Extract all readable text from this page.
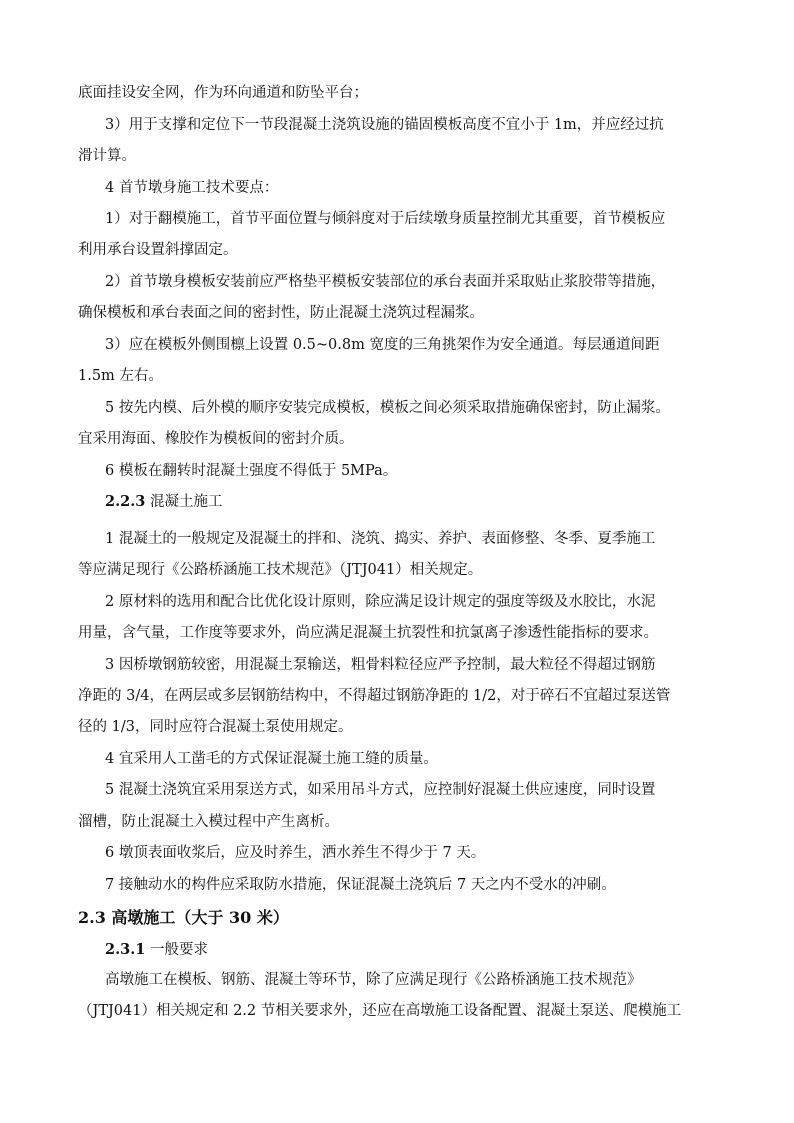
底面挂设安全网，作为环向通道和防坠平台；
3）用于支撑和定位下一节段混凝土浇筑设施的锚固模板高度不宜小于 1m，并应经过抗
滑计算。
4 首节墩身施工技术要点：
1）对于翻模施工，首节平面位置与倾斜度对于后续墩身质量控制尤其重要，首节模板应
利用承台设置斜撑固定。
2）首节墩身模板安装前应严格垫平模板安装部位的承台表面并采取贴止浆胶带等措施，
确保模板和承台表面之间的密封性，防止混凝土浇筑过程漏浆。
3）应在模板外侧围檩上设置 0.5~0.8m 宽度的三角挑架作为安全通道。每层通道间距
1.5m 左右。
5 按先内模、后外模的顺序安装完成模板，模板之间必须采取措施确保密封，防止漏浆。
宜采用海面、橡胶作为模板间的密封介质。
6 模板在翻转时混凝土强度不得低于 5MPa。
2.2.3 混凝土施工
1 混凝土的一般规定及混凝土的拌和、浇筑、捣实、养护、表面修整、冬季、夏季施工
等应满足现行《公路桥涵施工技术规范》（JTJ041）相关规定。
2 原材料的选用和配合比优化设计原则，除应满足设计规定的强度等级及水胶比，水泥
用量，含气量，工作度等要求外，尚应满足混凝土抗裂性和抗氯离子渗透性能指标的要求。
3 因桥墩钢筋较密，用混凝土泵输送，粗骨料粒径应严予控制，最大粒径不得超过钢筋
净距的 3/4，在两层或多层钢筋结构中，不得超过钢筋净距的 1/2，对于碎石不宜超过泵送管
径的 1/3，同时应符合混凝土泵使用规定。
4 宜采用人工凿毛的方式保证混凝土施工缝的质量。
5 混凝土浇筑宜采用泵送方式，如采用吊斗方式，应控制好混凝土供应速度，同时设置
溜槽，防止混凝土入模过程中产生离析。
6 墩顶表面收浆后，应及时养生，洒水养生不得少于 7 天。
7 接触动水的构件应采取防水措施，保证混凝土浇筑后 7 天之内不受水的冲刷。
2.3 高墩施工（大于 30 米）
2.3.1 一般要求
高墩施工在模板、钢筋、混凝土等环节，除了应满足现行《公路桥涵施工技术规范》
（JTJ041）相关规定和 2.2 节相关要求外，还应在高墩施工设备配置、混凝土泵送、爬模施工
